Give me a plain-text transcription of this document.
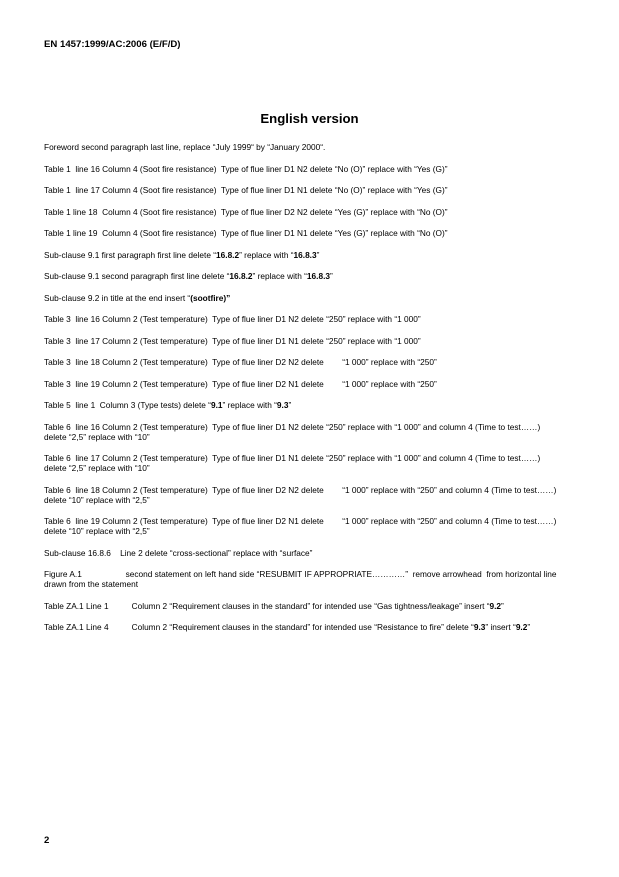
EN 1457:1999/AC:2006 (E/F/D)
English version

Foreword second paragraph last line, replace “July 1999“ by “January 2000“.

Table 1  line 16 Column 4 (Soot fire resistance)  Type of flue liner D1 N2 delete “No (O)” replace with “Yes (G)”

Table 1  line 17 Column 4 (Soot fire resistance)  Type of flue liner D1 N1 delete “No (O)” replace with “Yes (G)”

Table 1 line 18  Column 4 (Soot fire resistance)  Type of flue liner D2 N2 delete “Yes (G)” replace with “No (O)”

Table 1 line 19  Column 4 (Soot fire resistance)  Type of flue liner D1 N1 delete “Yes (G)” replace with “No (O)”

Sub-clause 9.1 first paragraph first line delete “16.8.2” replace with “16.8.3”

Sub-clause 9.1 second paragraph first line delete “16.8.2” replace with “16.8.3”

Sub-clause 9.2 in title at the end insert “(sootfire)”

Table 3  line 16 Column 2 (Test temperature)  Type of flue liner D1 N2 delete “250” replace with “1 000”

Table 3  line 17 Column 2 (Test temperature)  Type of flue liner D1 N1 delete “250” replace with “1 000”

Table 3  line 18 Column 2 (Test temperature)  Type of flue liner D2 N2 delete        “1 000” replace with “250”

Table 3  line 19 Column 2 (Test temperature)  Type of flue liner D2 N1 delete        “1 000” replace with “250”

Table 5  line 1  Column 3 (Type tests) delete “9.1” replace with “9.3”

Table 6  line 16 Column 2 (Test temperature)  Type of flue liner D1 N2 delete “250” replace with “1 000” and column 4 (Time to test……) delete “2,5” replace with “10”

Table 6  line 17 Column 2 (Test temperature)  Type of flue liner D1 N1 delete “250” replace with “1 000” and column 4 (Time to test……) delete “2,5” replace with “10”

Table 6  line 18 Column 2 (Test temperature)  Type of flue liner D2 N2 delete        “1 000” replace with “250” and column 4 (Time to test……) delete “10” replace with “2,5”

Table 6  line 19 Column 2 (Test temperature)  Type of flue liner D2 N1 delete        “1 000” replace with “250” and column 4 (Time to test……) delete “10” replace with “2,5”

Sub-clause 16.8.6    Line 2 delete “cross-sectional” replace with “surface”

Figure A.1                   second statement on left hand side “RESUBMIT IF APPROPRIATE…………”  remove arrowhead  from horizontal line drawn from the statement

Table ZA.1 Line 1          Column 2 “Requirement clauses in the standard” for intended use “Gas tightness/leakage” insert “9.2”

Table ZA.1 Line 4          Column 2 “Requirement clauses in the standard” for intended use “Resistance to fire” delete “9.3” insert “9.2”

2
